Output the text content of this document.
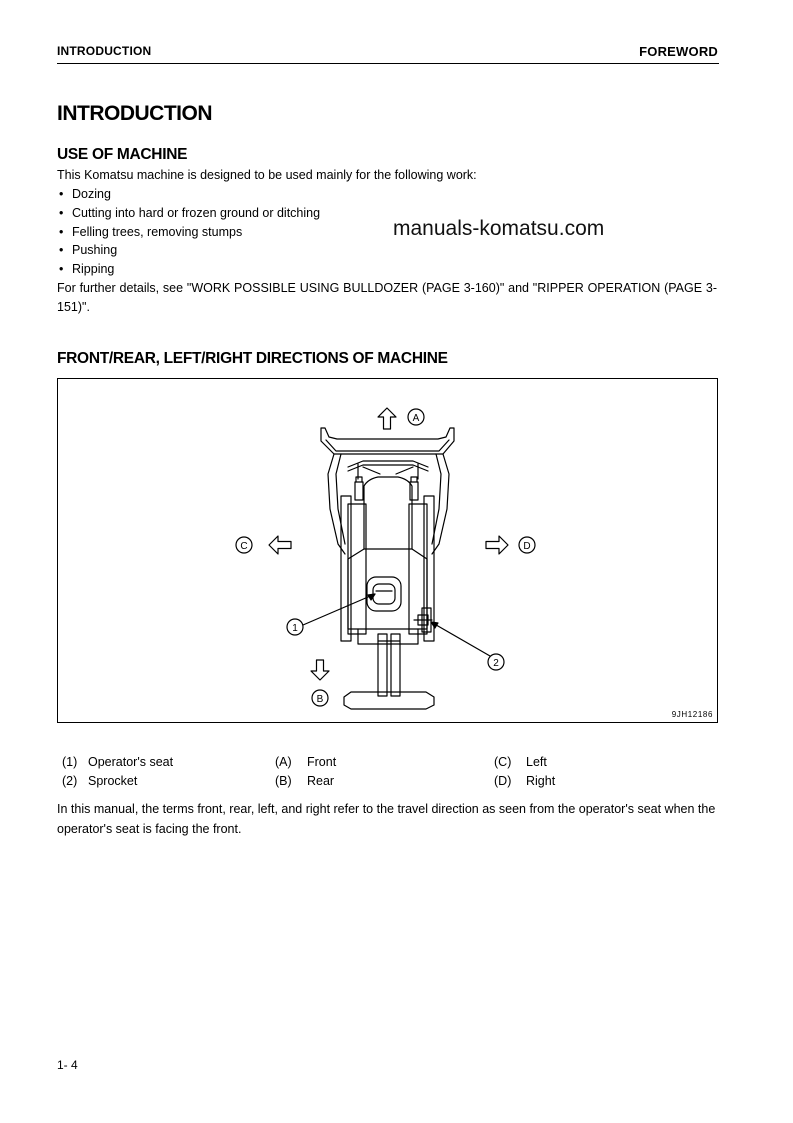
INTRODUCTION	FOREWORD
INTRODUCTION
USE OF MACHINE
This Komatsu machine is designed to be used mainly for the following work:
• Dozing
• Cutting into hard or frozen ground or ditching
• Felling trees, removing stumps
• Pushing
• Ripping
For further details, see "WORK POSSIBLE USING BULLDOZER (PAGE 3-160)" and "RIPPER OPERATION (PAGE 3-151)".
manuals-komatsu.com
FRONT/REAR, LEFT/RIGHT DIRECTIONS OF MACHINE
A
C	D
B
1
2
9JH12186
(1) Operator's seat	(A) Front	(C) Left
(2) Sprocket	(B) Rear	(D) Right
In this manual, the terms front, rear, left, and right refer to the travel direction as seen from the operator's seat when the operator's seat is facing the front.
1- 4
